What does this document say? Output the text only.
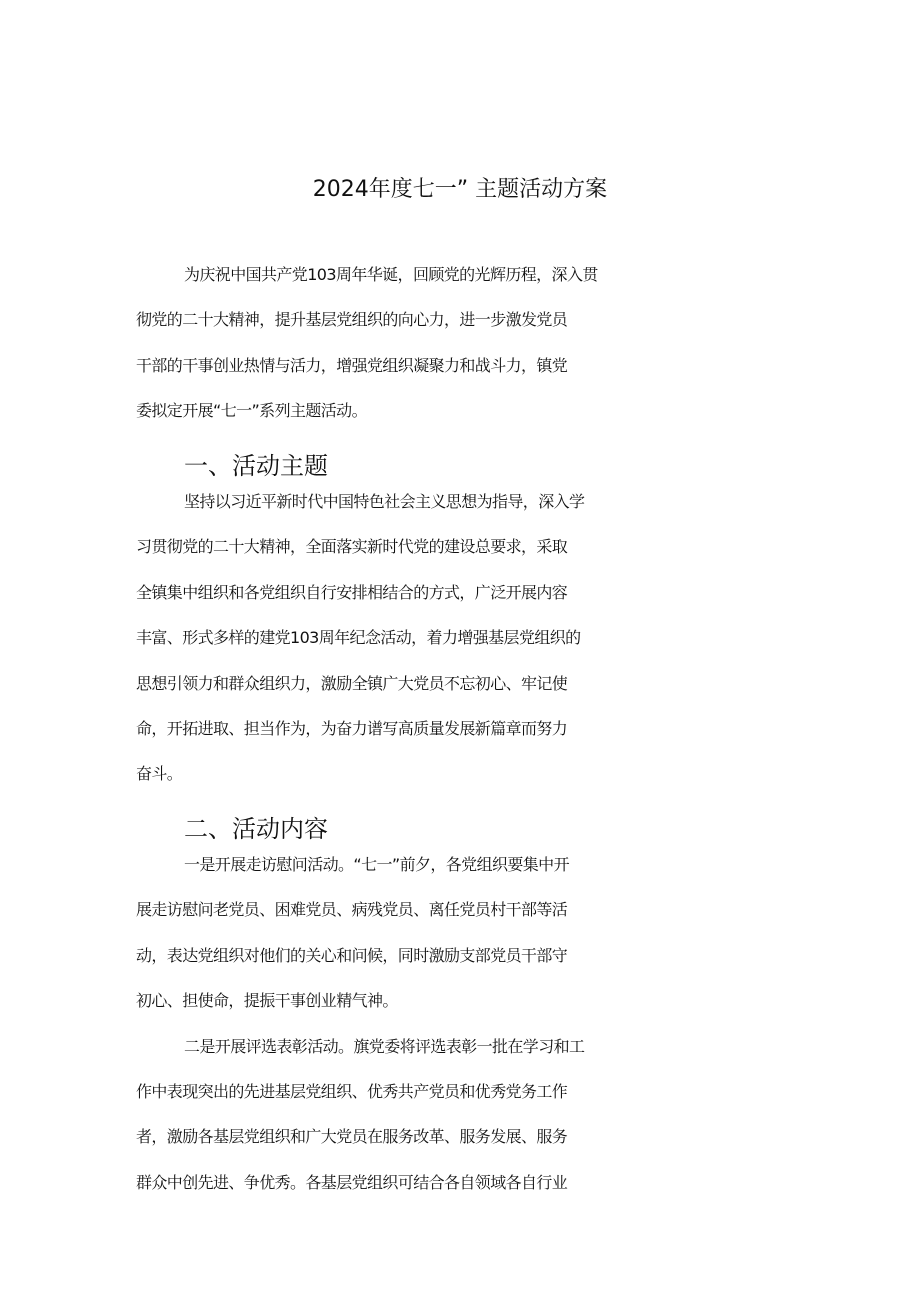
2024年度七一” 主题活动方案
为庆祝中国共产党103周年华诞，回顾党的光辉历程，深入贯
彻党的二十大精神，提升基层党组织的向心力，进一步激发党员
干部的干事创业热情与活力，增强党组织凝聚力和战斗力，镇党
委拟定开展“七一”系列主题活动。
一、活动主题
坚持以习近平新时代中国特色社会主义思想为指导，深入学
习贯彻党的二十大精神，全面落实新时代党的建设总要求，采取
全镇集中组织和各党组织自行安排相结合的方式，广泛开展内容
丰富、形式多样的建党103周年纪念活动，着力增强基层党组织的
思想引领力和群众组织力，激励全镇广大党员不忘初心、牢记使
命，开拓进取、担当作为，为奋力谱写高质量发展新篇章而努力
奋斗。
二、活动内容
一是开展走访慰问活动。“七一”前夕，各党组织要集中开
展走访慰问老党员、困难党员、病残党员、离任党员村干部等活
动，表达党组织对他们的关心和问候，同时激励支部党员干部守
初心、担使命，提振干事创业精气神。
二是开展评选表彰活动。旗党委将评选表彰一批在学习和工
作中表现突出的先进基层党组织、优秀共产党员和优秀党务工作
者，激励各基层党组织和广大党员在服务改革、服务发展、服务
群众中创先进、争优秀。各基层党组织可结合各自领域各自行业
